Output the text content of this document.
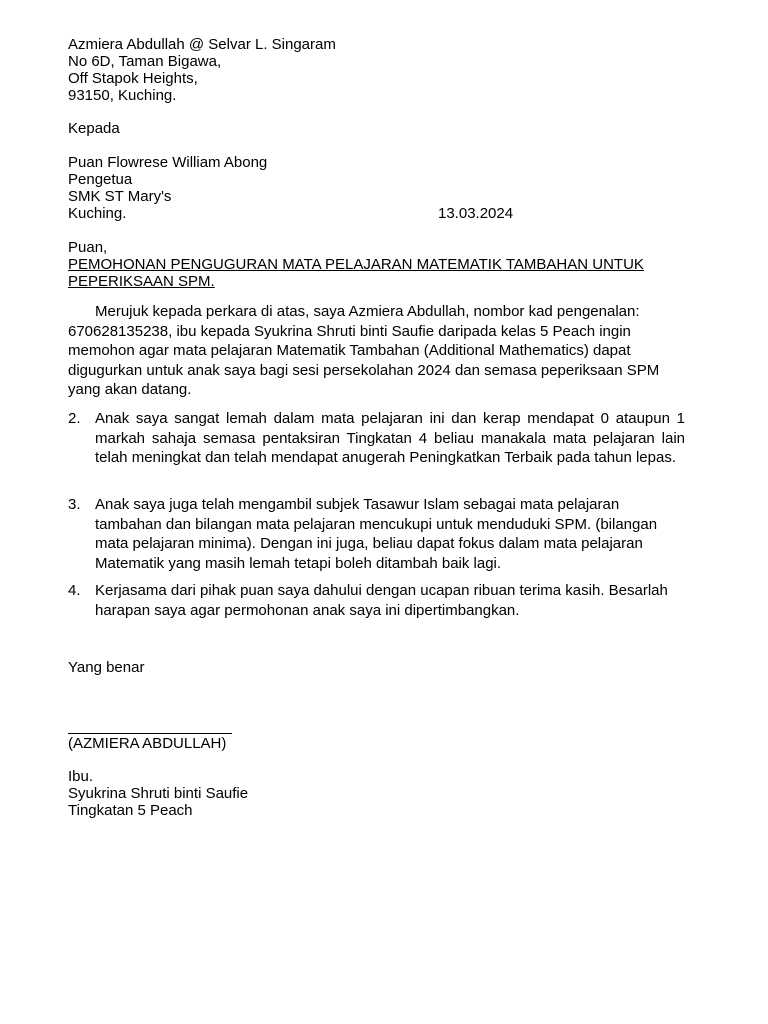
Azmiera Abdullah @ Selvar L. Singaram
No 6D, Taman Bigawa,
Off Stapok Heights,
93150, Kuching.
Kepada
Puan Flowrese William Abong
Pengetua
SMK ST Mary's
Kuching.	13.03.2024
Puan,
PEMOHONAN PENGUGURAN MATA PELAJARAN MATEMATIK TAMBAHAN UNTUK PEPERIKSAAN SPM.
Merujuk kepada perkara di atas, saya Azmiera Abdullah, nombor kad pengenalan: 670628135238, ibu kepada Syukrina Shruti binti Saufie daripada kelas 5 Peach ingin memohon agar mata pelajaran Matematik Tambahan (Additional Mathematics) dapat digugurkan untuk anak saya bagi sesi persekolahan 2024 dan semasa peperiksaan SPM yang akan datang.
2. Anak saya sangat lemah dalam mata pelajaran ini dan kerap mendapat 0 ataupun 1 markah sahaja semasa pentaksiran Tingkatan 4 beliau manakala mata pelajaran lain telah meningkat dan telah mendapat anugerah Peningkatkan Terbaik pada tahun lepas.
3. Anak saya juga telah mengambil subjek Tasawur Islam sebagai mata pelajaran tambahan dan bilangan mata pelajaran mencukupi untuk menduduki SPM. (bilangan mata pelajaran minima). Dengan ini juga, beliau dapat fokus dalam mata pelajaran Matematik yang masih lemah tetapi boleh ditambah baik lagi.
4. Kerjasama dari pihak puan saya dahului dengan ucapan ribuan terima kasih. Besarlah harapan saya agar permohonan anak saya ini dipertimbangkan.
Yang benar
(AZMIERA ABDULLAH)
Ibu.
Syukrina Shruti binti Saufie
Tingkatan 5 Peach
